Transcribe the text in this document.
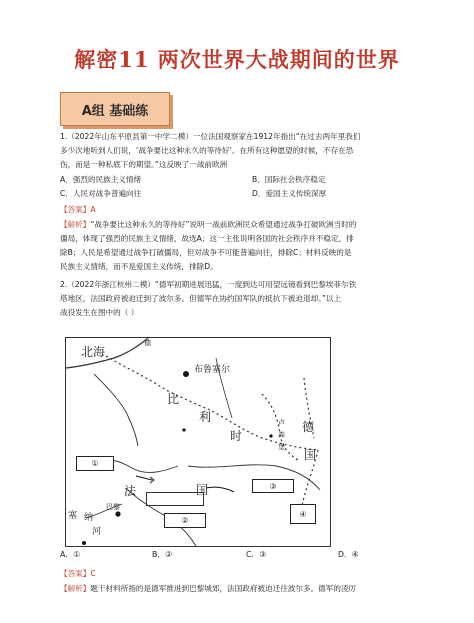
解密11 两次世界大战期间的世界
A组 基础练
1.（2022年山东平原县第一中学二模）一位法国观察家在1912年指出“在过去两年里我们
多少次地听到人们说，‘战争要比这种永久的等待好’。在所有这种愿望的时候，不存在恐
伤，而是一种私底下的期望。”这反映了一战前欧洲
A．强烈的民族主义情绪	B．国际社会秩序稳定
C．人民对战争普遍向往	D．爱国主义传统深厚
【答案】A
【解析】“战争要比这种永久的等待好”说明一战前欧洲民众希望通过战争打破欧洲当时的
僵局，体现了强烈的民族主义情绪，故选A；这一主张说明各国的社会秩序并不稳定，排
除B；人民是希望通过战争打破僵局，但对战争不可能普遍向往，排除C；材料反映的是
民族主义情绪，而不是爱国主义传统，排除D。
2.（2022年浙江杭州二模）“德军初期进展迅猛，一度到达可用望远镜看到巴黎埃菲尔铁
塔地区，法国政府被迫迁到了波尔多。但德军在协约国军队的抵抗下被迫退却。”以上
战役发生在图中的（ ）
北海
德
布鲁塞尔
比
利
时
卢
森
堡
德
国
法	国
塞 纳
河
巴黎
①
②
③
④
A．①	B．②	C．③	D．④
【答案】C
【解析】题干材料所指的是德军推进到巴黎城郊，法国政府被迫迁往波尔多。德军的凌厉
